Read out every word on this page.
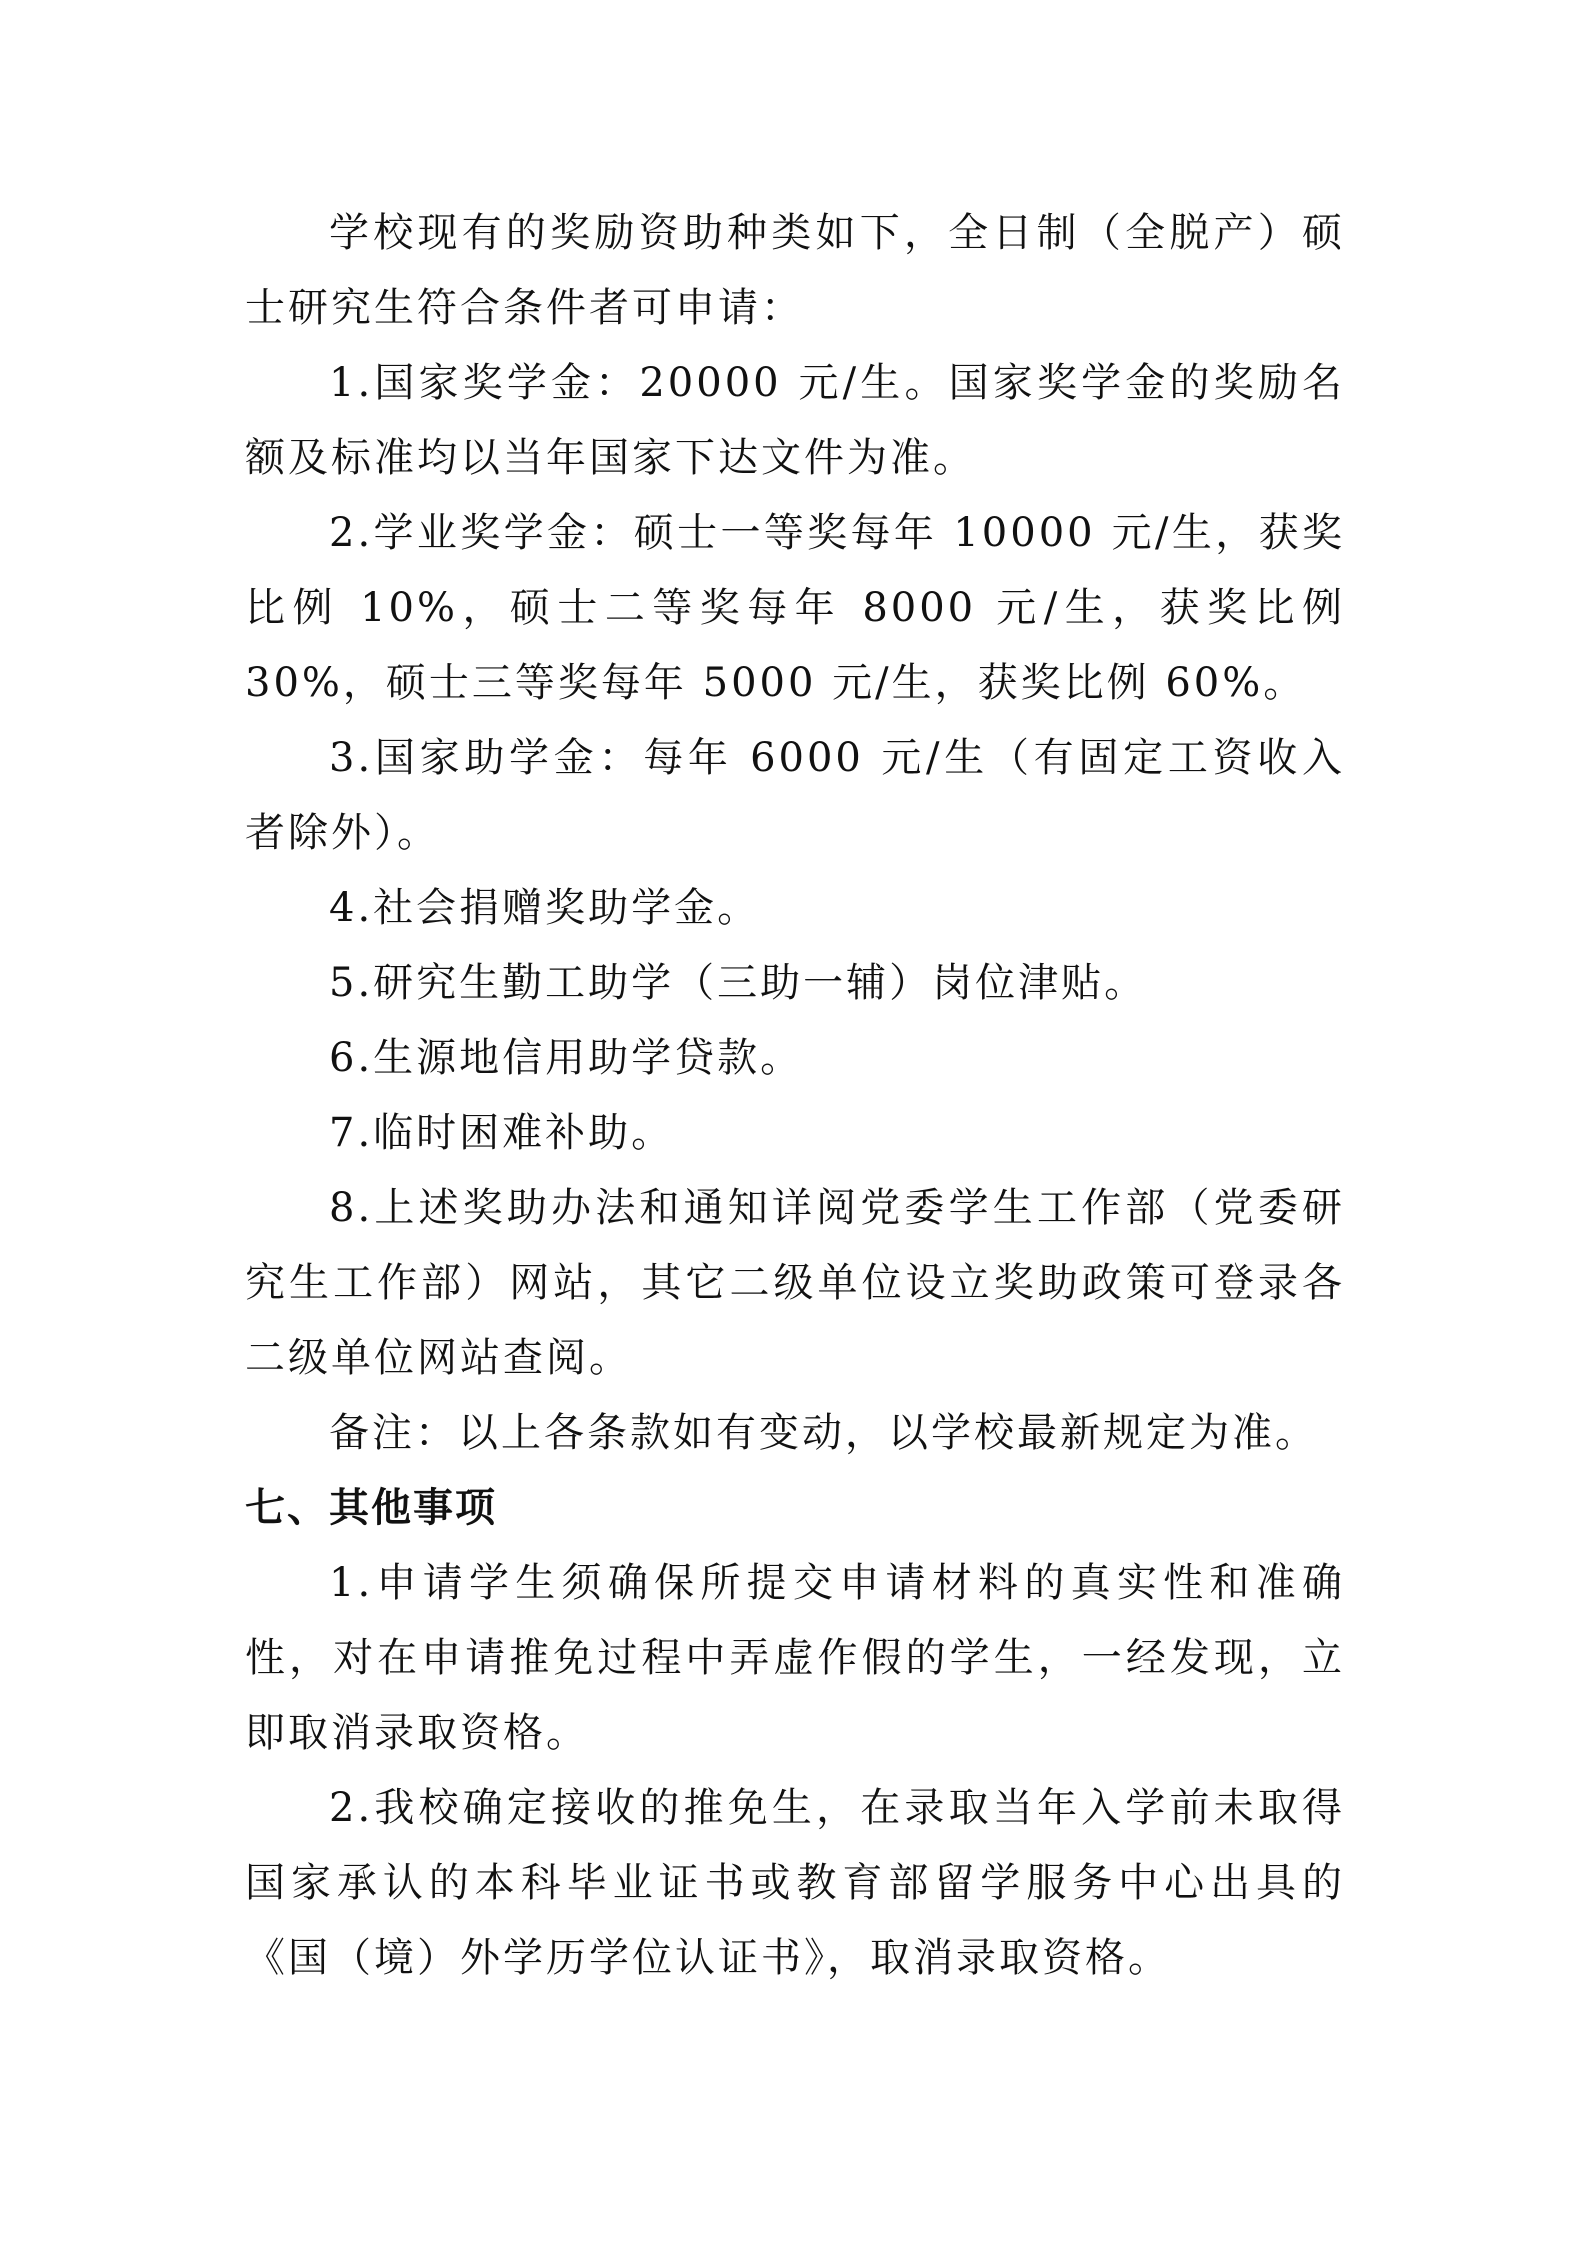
学校现有的奖励资助种类如下，全日制（全脱产）硕士研究生符合条件者可申请：

1.国家奖学金：20000 元/生。国家奖学金的奖励名额及标准均以当年国家下达文件为准。

2.学业奖学金：硕士一等奖每年 10000 元/生，获奖比例 10%，硕士二等奖每年 8000 元/生，获奖比例 30%，硕士三等奖每年 5000 元/生，获奖比例 60%。

3.国家助学金：每年 6000 元/生（有固定工资收入者除外）。

4.社会捐赠奖助学金。

5.研究生勤工助学（三助一辅）岗位津贴。

6.生源地信用助学贷款。

7.临时困难补助。

8.上述奖助办法和通知详阅党委学生工作部（党委研究生工作部）网站，其它二级单位设立奖助政策可登录各二级单位网站查阅。

备注：以上各条款如有变动，以学校最新规定为准。

七、其他事项

1.申请学生须确保所提交申请材料的真实性和准确性，对在申请推免过程中弄虚作假的学生，一经发现，立即取消录取资格。

2.我校确定接收的推免生，在录取当年入学前未取得国家承认的本科毕业证书或教育部留学服务中心出具的《国（境）外学历学位认证书》，取消录取资格。
